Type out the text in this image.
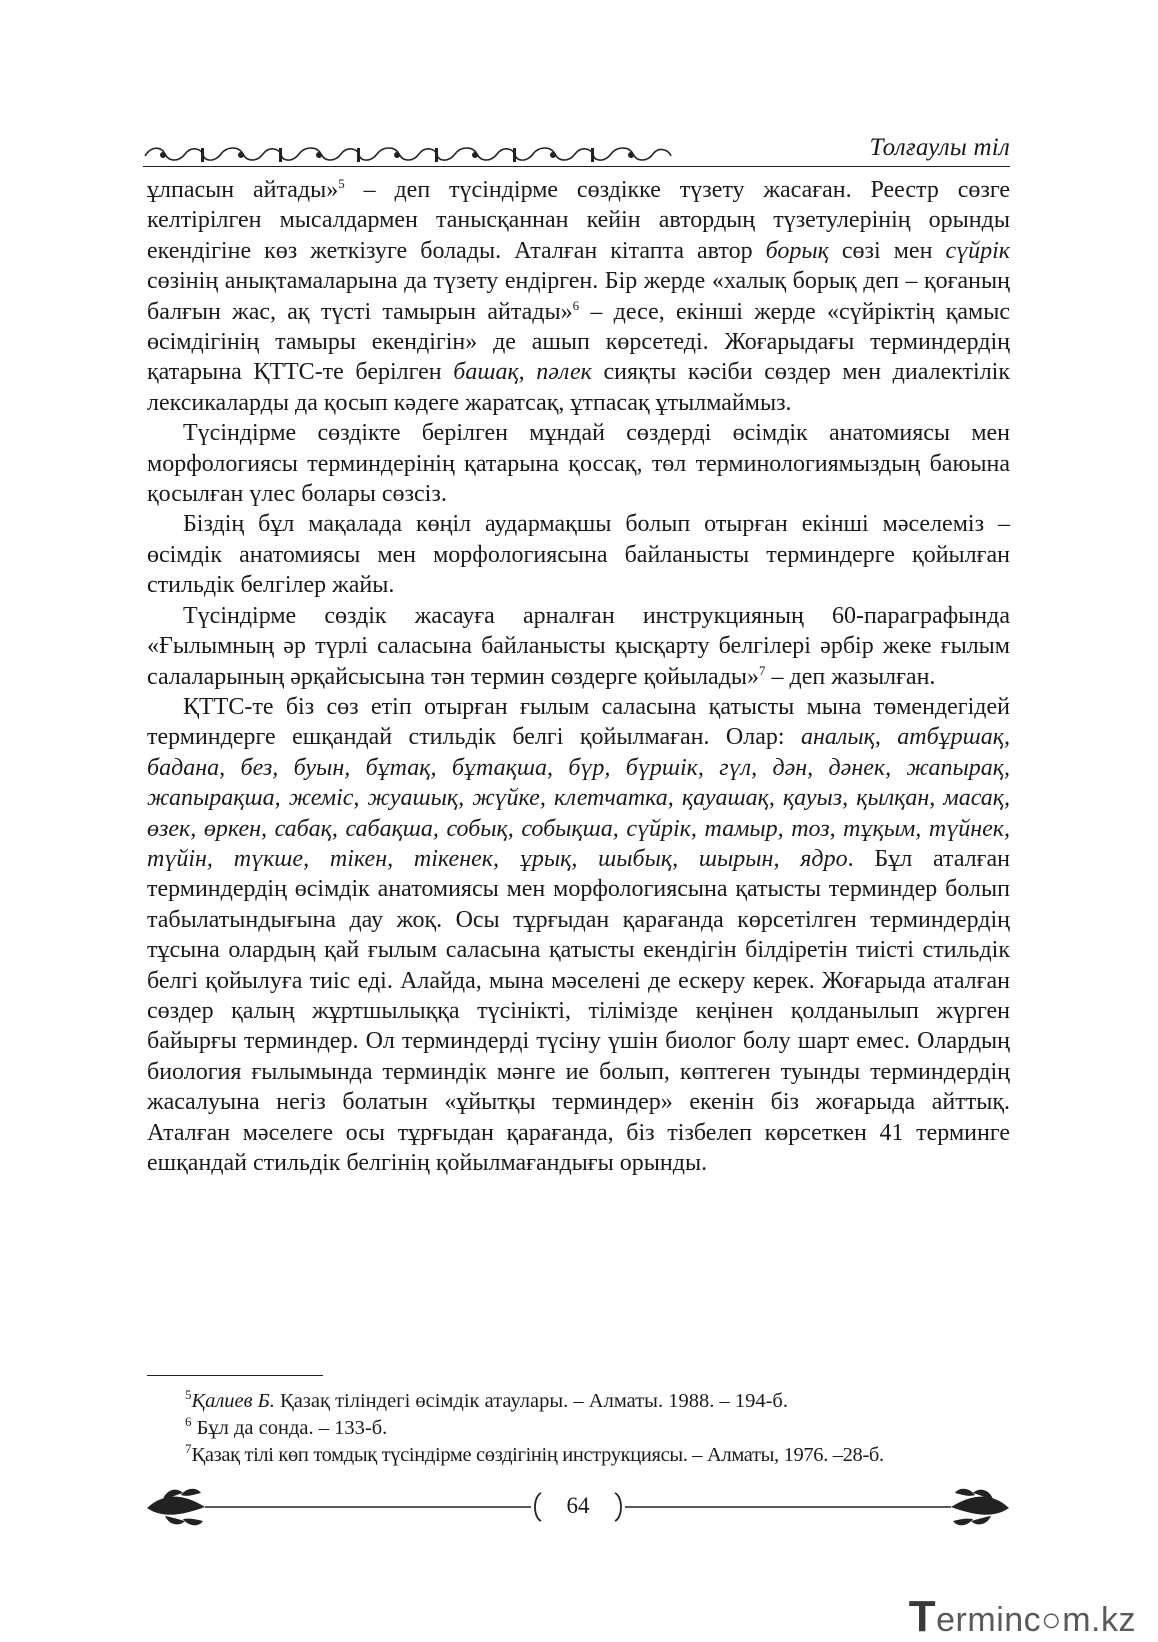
Толғаулы тіл

ұлпасын айтады»$^5$ – деп түсіндірме сөздікке түзету жасаған. Реестр сөзге келтірілген мысалдармен танысқаннан кейін автордың түзетулерінің орынды екендігіне көз жеткізуге болады. Аталған кітапта автор борық сөзі мен сүйрік сөзінің анықтамаларына да түзету ендірген. Бір жерде «халық борық деп – қоғаның балғын жас, ақ түсті тамырын айтады»$^6$ – десе, екінші жерде «сүйріктің қамыс өсімдігінің тамыры екендігін» де ашып көрсетеді. Жоғарыдағы терминдердің қатарына ҚТТС-те берілген башақ, пәлек сияқты кәсіби сөздер мен диалектілік лексикаларды да қосып кәдеге жаратсақ, ұтпасақ ұтылмаймыз.

Түсіндірме сөздікте берілген мұндай сөздерді өсімдік анатомиясы мен морфологиясы терминдерінің қатарына қоссақ, төл терминологиямыздың баюына қосылған үлес болары сөзсіз.

Біздің бұл мақалада көңіл аудармақшы болып отырған екінші мәселеміз – өсімдік анатомиясы мен морфологиясына байланысты терминдерге қойылған стильдік белгілер жайы.

Түсіндірме сөздік жасауға арналған инструкцияның 60-параграфында «Ғылымның әр түрлі саласына байланысты қысқарту белгілері әрбір жеке ғылым салаларының әрқайсысына тән термин сөздерге қойылады»$^7$ – деп жазылған.

ҚТТС-те біз сөз етіп отырған ғылым саласына қатысты мына төмендегідей терминдерге ешқандай стильдік белгі қойылмаған. Олар: аналық, атбұршақ, бадана, без, буын, бұтақ, бұтақша, бүр, бүршік, гүл, дән, дәнек, жапырақ, жапырақша, жеміс, жуашық, жүйке, клетчатка, қауашақ, қауыз, қылқан, масақ, өзек, өркен, сабақ, сабақша, собық, собықша, сүйрік, тамыр, тоз, тұқым, түйнек, түйін, түкше, тікен, тікенек, ұрық, шыбық, шырын, ядро. Бұл аталған терминдердің өсімдік анатомиясы мен морфологиясына қатысты терминдер болып табылатындығына дау жоқ. Осы тұрғыдан қарағанда көрсетілген терминдердің тұсына олардың қай ғылым саласына қатысты екендігін білдіретін тиісті стильдік белгі қойылуға тиіс еді. Алайда, мына мәселені де ескеру керек. Жоғарыда аталған сөздер қалың жұртшылыққа түсінікті, тілімізде кеңінен қолданылып жүрген байырғы терминдер. Ол терминдерді түсіну үшін биолог болу шарт емес. Олардың биология ғылымында терминдік мәнге ие болып, көптеген туынды терминдердің жасалуына негіз болатын «ұйытқы терминдер» екенін біз жоғарыда айттық. Аталған мәселеге осы тұрғыдан қарағанда, біз тізбелеп көрсеткен 41 терминге ешқандай стильдік белгінің қойылмағандығы орынды.

$^5$Қалиев Б. Қазақ тіліндегі өсімдік атаулары. – Алматы. 1988. – 194-б.
$^6$ Бұл да сонда. – 133-б.
$^7$Қазақ тілі көп томдық түсіндірме сөздігінің инструкциясы. – Алматы, 1976. –28-б.
64
Terminc○m.kz
